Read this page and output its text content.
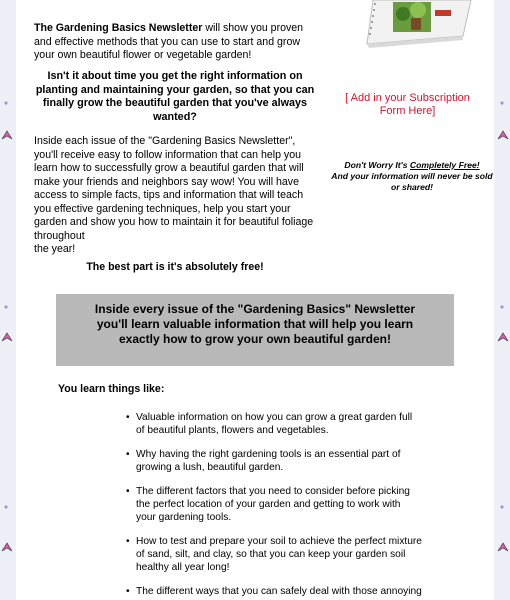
The Gardening Basics Newsletter will show you proven and effective methods that you can use to start and grow your own beautiful flower or vegetable garden!

Isn't it about time you get the right information on planting and maintaining your garden, so that you can finally grow the beautiful garden that you've always wanted?

Inside each issue of the "Gardening Basics Newsletter", you'll receive easy to follow information that can help you learn how to successfully grow a beautiful garden that will make your friends and neighbors say wow! You will have access to simple facts, tips and information that will teach you effective gardening techniques, help you start your garden and show you how to maintain it for beautiful foliage throughout
the year!

The best part is it's absolutely free!

[ Add in your Subscription
Form Here]
Don't Worry It's Completely Free!
And your information will never be sold or shared!
Inside every issue of the "Gardening Basics" Newsletter you'll learn valuable information that will help you learn exactly how to grow your own beautiful garden!
You learn things like:
• Valuable information on how you can grow a great garden full of beautiful plants, flowers and vegetables.
• Why having the right gardening tools is an essential part of growing a lush, beautiful garden.
• The different factors that you need to consider before picking the perfect location of your garden and getting to work with your gardening tools.
• How to test and prepare your soil to achieve the perfect mixture of sand, silt, and clay, so that you can keep your garden soil healthy all year long!
• The different ways that you can safely deal with those annoying
